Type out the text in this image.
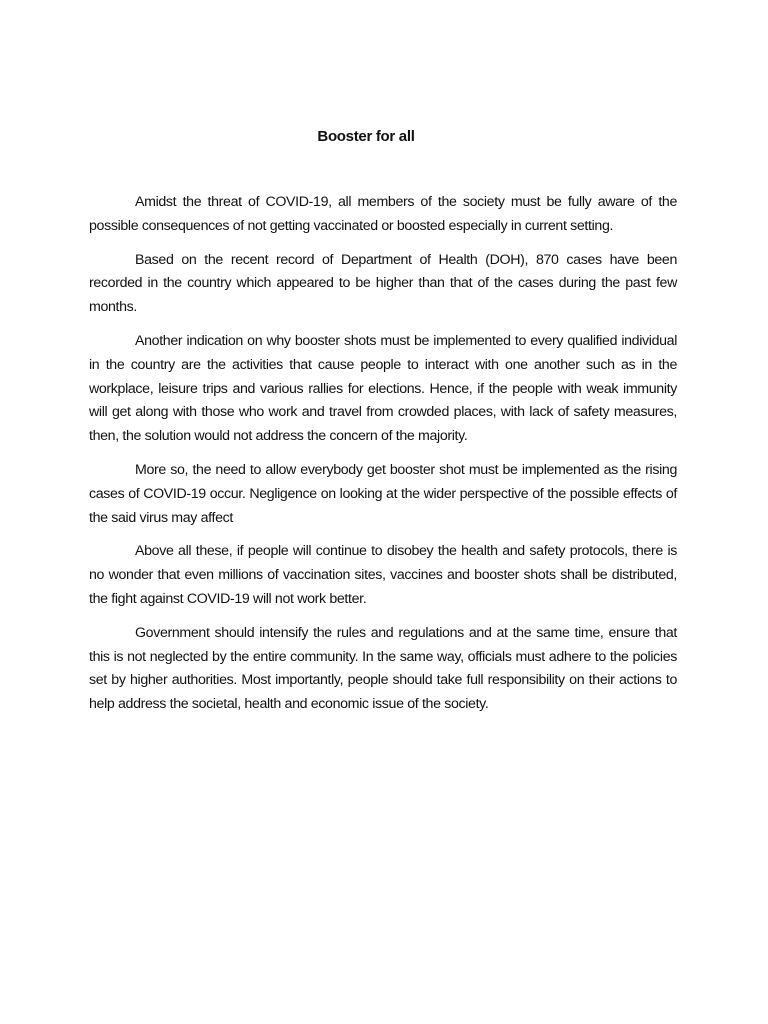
Booster for all

Amidst the threat of COVID-19, all members of the society must be fully aware of the possible consequences of not getting vaccinated or boosted especially in current setting.

Based on the recent record of Department of Health (DOH), 870 cases have been recorded in the country which appeared to be higher than that of the cases during the past few months.

Another indication on why booster shots must be implemented to every qualified individual in the country are the activities that cause people to interact with one another such as in the workplace, leisure trips and various rallies for elections. Hence, if the people with weak immunity will get along with those who work and travel from crowded places, with lack of safety measures, then, the solution would not address the concern of the majority.

More so, the need to allow everybody get booster shot must be implemented as the rising cases of COVID-19 occur. Negligence on looking at the wider perspective of the possible effects of the said virus may affect

Above all these, if people will continue to disobey the health and safety protocols, there is no wonder that even millions of vaccination sites, vaccines and booster shots shall be distributed, the fight against COVID-19 will not work better.

Government should intensify the rules and regulations and at the same time, ensure that this is not neglected by the entire community. In the same way, officials must adhere to the policies set by higher authorities. Most importantly, people should take full responsibility on their actions to help address the societal, health and economic issue of the society.
